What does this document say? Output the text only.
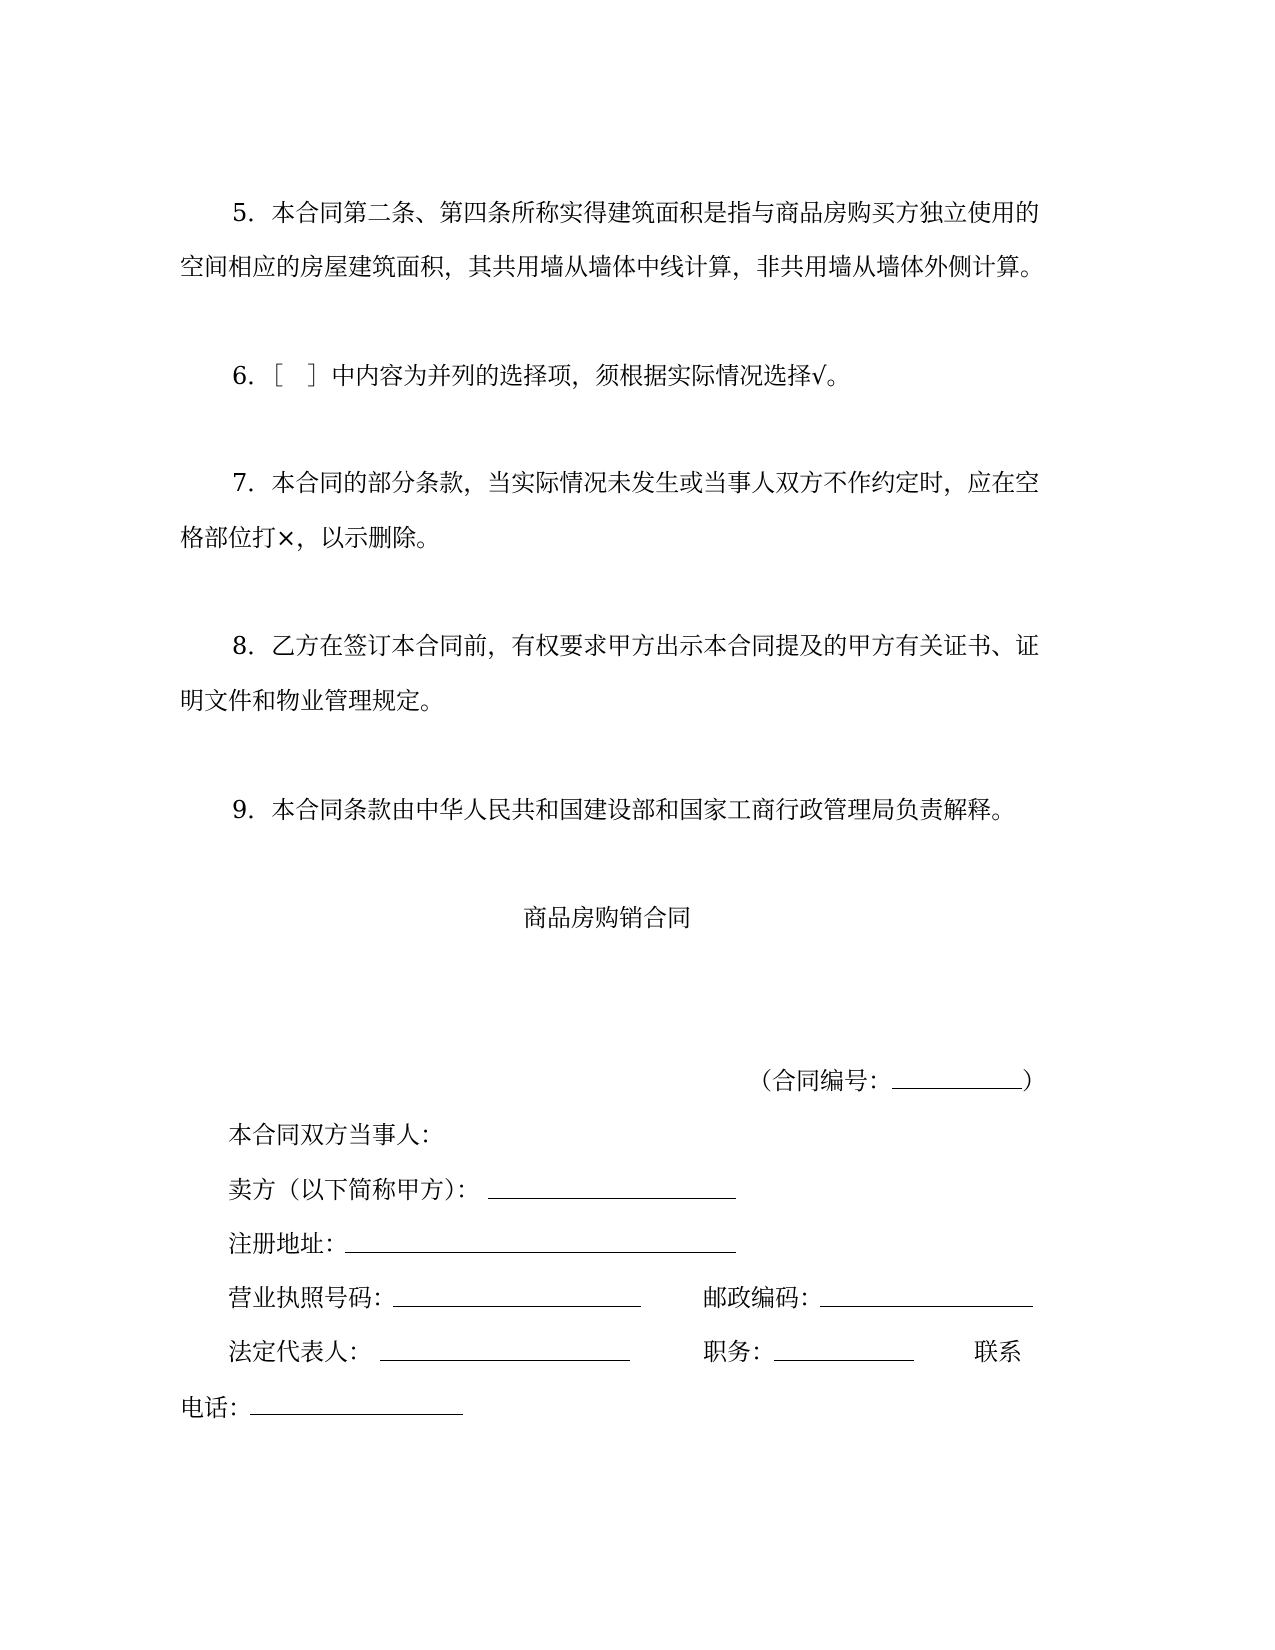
5．本合同第二条、第四条所称实得建筑面积是指与商品房购买方独立使用的
空间相应的房屋建筑面积，其共用墙从墙体中线计算，非共用墙从墙体外侧计算。
6．［　］中内容为并列的选择项，须根据实际情况选择√。
7．本合同的部分条款，当实际情况未发生或当事人双方不作约定时，应在空
格部位打×，以示删除。
8．乙方在签订本合同前，有权要求甲方出示本合同提及的甲方有关证书、证
明文件和物业管理规定。
9．本合同条款由中华人民共和国建设部和国家工商行政管理局负责解释。
商品房购销合同
（合同编号：	）
本合同双方当事人：
卖方（以下简称甲方）：
注册地址：
营业执照号码：	邮政编码：
法定代表人：	职务：	联系
电话：
